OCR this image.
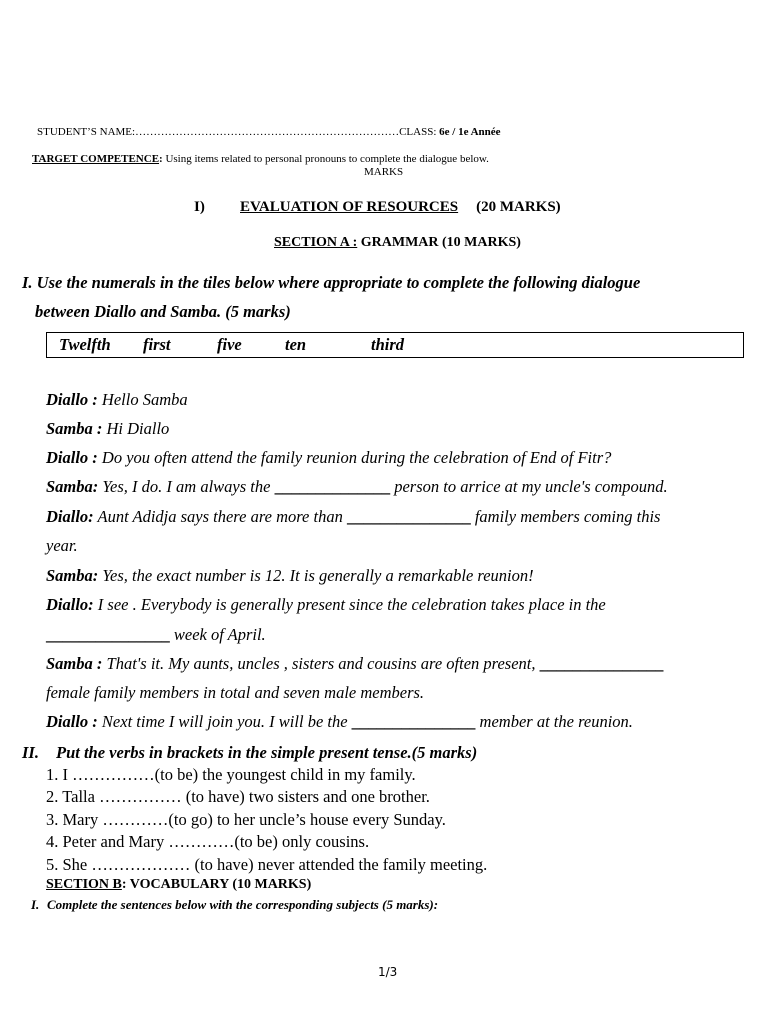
STUDENT’S NAME:………………………………………………………………CLASS: 6e / 1e Année
TARGET COMPETENCE: Using items related to personal pronouns to complete the dialogue below.
MARKS
I) EVALUATION OF RESOURCES (20 MARKS)
SECTION A : GRAMMAR (10 MARKS)
I. Use the numerals in the tiles below where appropriate to complete the following dialogue
between Diallo and Samba. (5 marks)
Twelfth first	five	ten	third
Diallo : Hello Samba
Samba : Hi Diallo
Diallo : Do you often attend the family reunion during the celebration of End of Fitr?
Samba: Yes, I do. I am always the ______________ person to arrice at my uncle's compound.
Diallo: Aunt Adidja says there are more than _______________ family members coming this
year.
Samba: Yes, the exact number is 12. It is generally a remarkable reunion!
Diallo: I see . Everybody is generally present since the celebration takes place in the
_______________ week of April.
Samba : That's it. My aunts, uncles , sisters and cousins are often present, _______________
female family members in total and seven male members.
Diallo : Next time I will join you. I will be the _______________ member at the reunion.
II. Put the verbs in brackets in the simple present tense.(5 marks)
1. I ……………(to be) the youngest child in my family.
2. Talla …………… (to have) two sisters and one brother.
3. Mary …………(to go) to her uncle’s house every Sunday.
4. Peter and Mary …………(to be) only cousins.
5. She ……………… (to have) never attended the family meeting.
SECTION B: VOCABULARY (10 MARKS)
I. Complete the sentences below with the corresponding subjects (5 marks):
1/3
